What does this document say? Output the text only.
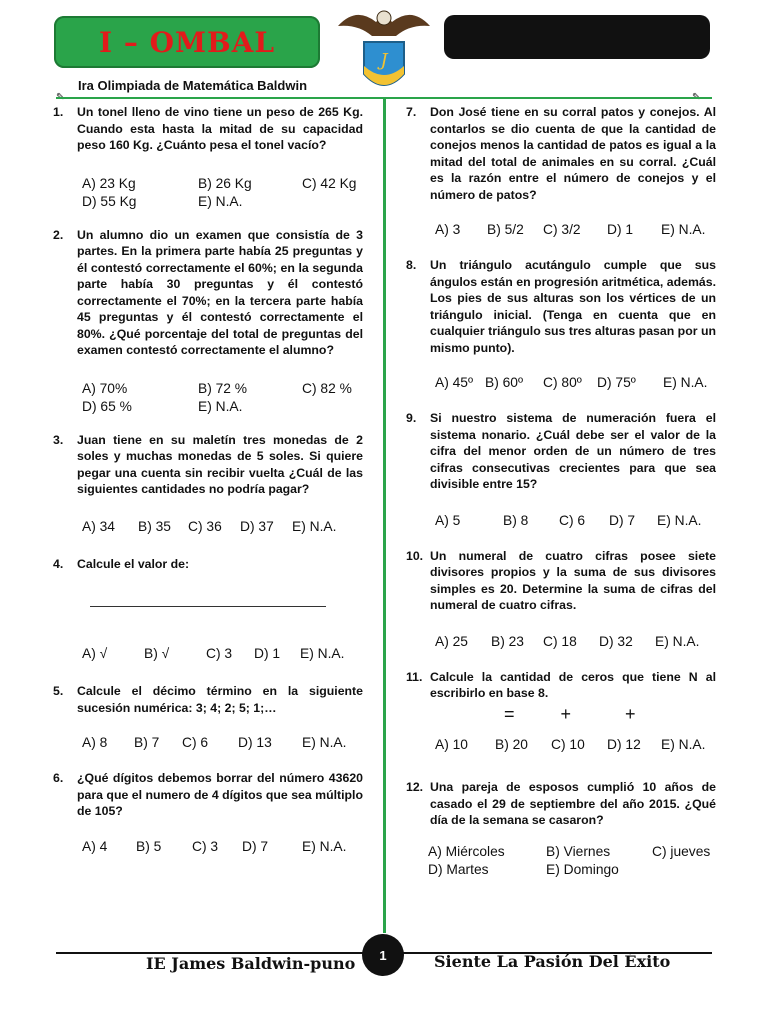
I – OMBAL
J
Ira Olimpiada de Matemática Baldwin
✎	✎
1.	Un tonel lleno de vino tiene un peso de 265 Kg. Cuando esta hasta la mitad de su capacidad peso 160 Kg. ¿Cuánto pesa el tonel vacío?
A) 23 Kg	B) 26 Kg	C) 42 Kg
D) 55 Kg	E) N.A.
2.	Un alumno dio un examen que consistía de 3 partes. En la primera parte había 25 preguntas y él contestó correctamente el 60%; en la segunda parte había 30 preguntas y él contestó correctamente el 70%; en la tercera parte había 45 preguntas y él contestó correctamente el 80%. ¿Qué porcentaje del total de preguntas del examen contestó correctamente el alumno?
A) 70%	B) 72 %	C) 82 %
D) 65 %	E) N.A.
3.	Juan tiene en su maletín tres monedas de 2 soles y muchas monedas de 5 soles. Si quiere pegar una cuenta sin recibir vuelta ¿Cuál de las siguientes cantidades no podría pagar?
A) 34	B) 35	C) 36	D) 37	E) N.A.
4.	Calcule el valor de:
A) √	B) √	C) 3	D) 1	E) N.A.
5.	Calcule el décimo término en la siguiente sucesión numérica: 3; 4; 2; 5; 1;…
A) 8	B) 7	C) 6	D) 13	E) N.A.
6.	¿Qué dígitos debemos borrar del número 43620 para que el numero de 4 dígitos que sea múltiplo de 105?
A) 4	B) 5	C) 3	D) 7	E) N.A.
7.	Don José tiene en su corral patos y conejos. Al contarlos se dio cuenta de que la cantidad de conejos menos la cantidad de patos es igual a la mitad del total de animales en su corral. ¿Cuál es la razón entre el número de conejos y el número de patos?
A) 3	B) 5/2	C) 3/2	D) 1	E) N.A.
8.	Un triángulo acutángulo cumple que sus ángulos están en progresión aritmética, además. Los pies de sus alturas son los vértices de un triángulo inicial. (Tenga en cuenta que en cualquier triángulo sus tres alturas pasan por un mismo punto).
A) 45º B) 60º	C) 80º	D) 75º	E) N.A.
9.	Si nuestro sistema de numeración fuera el sistema nonario. ¿Cuál debe ser el valor de la cifra del menor orden de un número de tres cifras consecutivas crecientes para que sea divisible entre 15?
A) 5	B) 8	C) 6	D) 7	E) N.A.
10. Un numeral de cuatro cifras posee siete divisores propios y la suma de sus divisores simples es 20. Determine la suma de cifras del numeral de cuatro cifras.
A) 25	B) 23	C) 18	D) 32	E) N.A.
11. Calcule la cantidad de ceros que tiene N al escribirlo en base 8.
=	+	+
A) 10	B) 20	C) 10	D) 12	E) N.A.
12. Una pareja de esposos cumplió 10 años de casado el 29 de septiembre del año 2015. ¿Qué día de la semana se casaron?
A) Miércoles	B) Viernes	C) jueves
D) Martes	E) Domingo
IE James Baldwin-puno	1	Siente La Pasión Del Éxito
